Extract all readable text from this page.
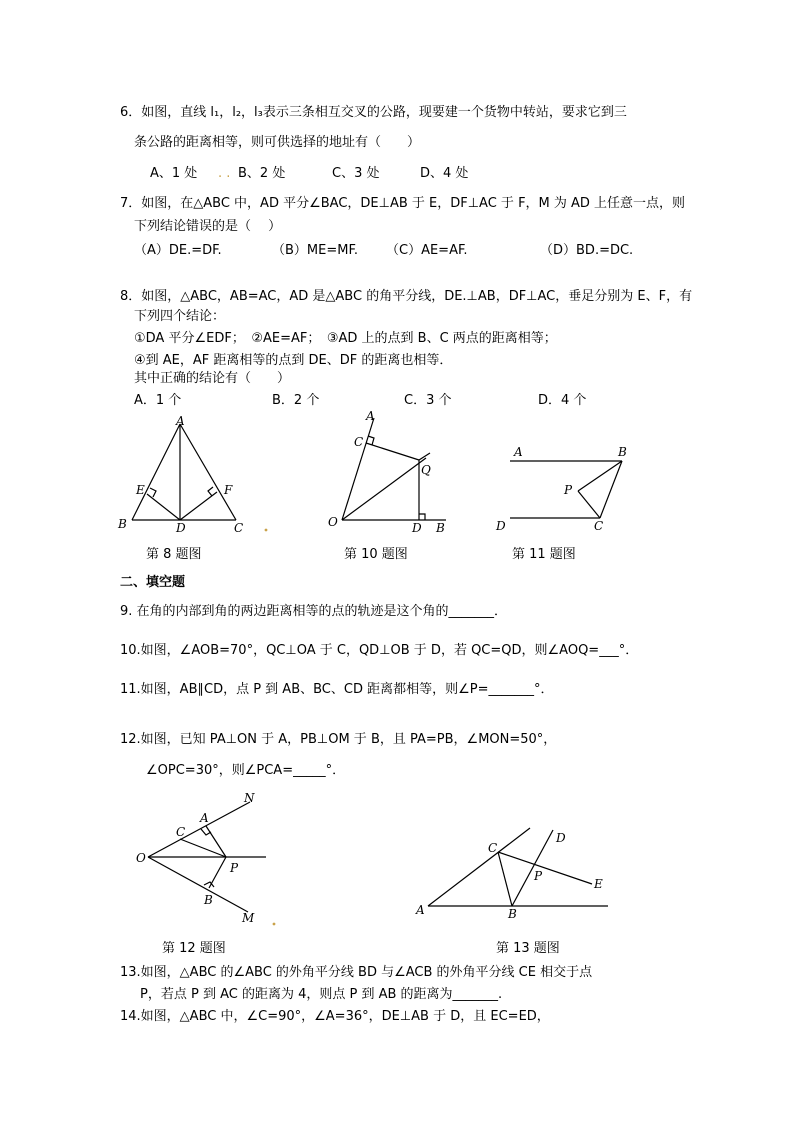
6．如图，直线 l₁，l₂，l₃表示三条相互交叉的公路，现要建一个货物中转站，要求它到三
条公路的距离相等，则可供选择的地址有（　　）
A、1 处 . . B、2 处	C、3 处	D、4 处
7．如图，在△ABC 中，AD 平分∠BAC，DE⊥AB 于 E，DF⊥AC 于 F，M 为 AD 上任意一点，则
下列结论错误的是（　 ）
（A）DE.=DF.	（B）ME=MF. （C）AE=AF.	（D）BD.=DC.
8．如图，△ABC，AB=AC，AD 是△ABC 的角平分线，DE.⊥AB，DF⊥AC，垂足分别为 E、F，有
下列四个结论：
①DA 平分∠EDF；　②AE=AF；　③AD 上的点到 B、C 两点的距离相等；
④到 AE，AF 距离相等的点到 DE、DF 的距离也相等．
其中正确的结论有（　　）
A．1 个	B．2 个	C．3 个	D．4 个
A
E	F
B	D	C
第 8 题图
A
C
Q
O	D B
第 10 题图
A	B
P
D	C
第 11 题图
二、填空题
9. 在角的内部到角的两边距离相等的点的轨迹是这个角的_______．
10.如图，∠AOB=70°，QC⊥OA 于 C，QD⊥OB 于 D，若 QC=QD，则∠AOQ=___°．
11.如图，AB∥CD，点 P 到 AB、BC、CD 距离都相等，则∠P=_______°．
12.如图，已知 PA⊥ON 于 A，PB⊥OM 于 B，且 PA=PB，∠MON=50°，
∠OPC=30°，则∠PCA=_____°．
N
A
C
O
P
B
M
第 12 题图
C
D
P
E
A	B
第 13 题图
13.如图，△ABC 的∠ABC 的外角平分线 BD 与∠ACB 的外角平分线 CE 相交于点
P，若点 P 到 AC 的距离为 4，则点 P 到 AB 的距离为_______.
14.如图，△ABC 中，∠C=90°，∠A=36°，DE⊥AB 于 D，且 EC=ED，
